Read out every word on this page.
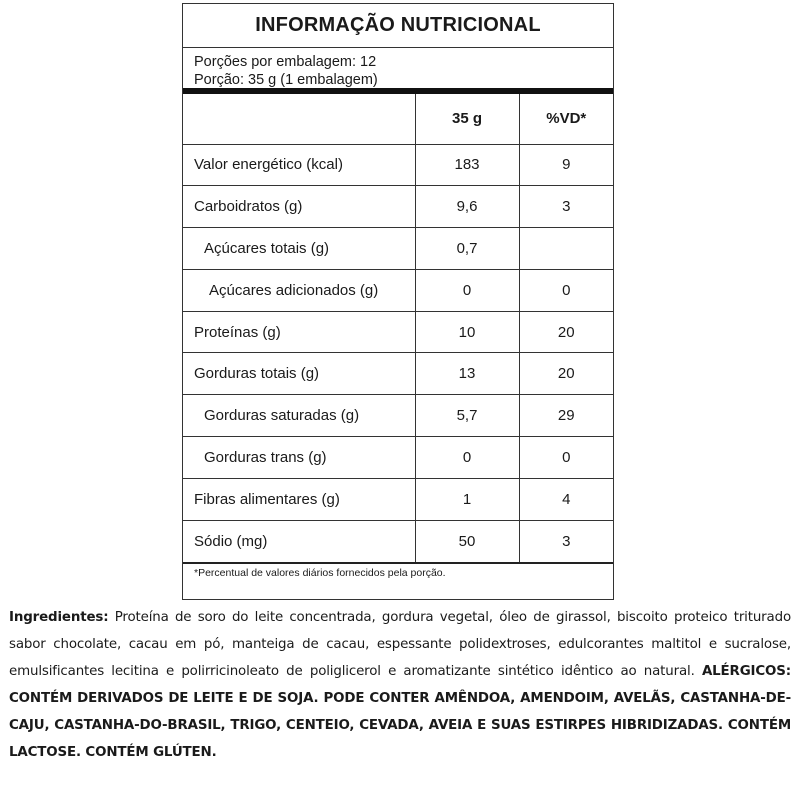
INFORMAÇÃO NUTRICIONAL
Porções por embalagem: 12
Porção: 35 g (1 embalagem)
	35 g	%VD*
Valor energético (kcal)	183	9
Carboidratos (g)	9,6	3
Açúcares totais (g)	0,7	
Açúcares adicionados (g)	0	0
Proteínas (g)	10	20
Gorduras totais (g)	13	20
Gorduras saturadas (g)	5,7	29
Gorduras trans (g)	0	0
Fibras alimentares (g)	1	4
Sódio (mg)	50	3
*Percentual de valores diários fornecidos pela porção.

Ingredientes: Proteína de soro do leite concentrada, gordura vegetal, óleo de girassol, biscoito proteico triturado sabor chocolate, cacau em pó, manteiga de cacau, espessante polidextroses, edulcorantes maltitol e sucralose, emulsificantes lecitina e polirricinoleato de poliglicerol e aromatizante sintético idêntico ao natural. ALÉRGICOS: CONTÉM DERIVADOS DE LEITE E DE SOJA. PODE CONTER AMÊNDOA, AMENDOIM, AVELÃS, CASTANHA-DE-CAJU, CASTANHA-DO-BRASIL, TRIGO, CENTEIO, CEVADA, AVEIA E SUAS ESTIRPES HIBRIDIZADAS. CONTÉM LACTOSE. CONTÉM GLÚTEN.
